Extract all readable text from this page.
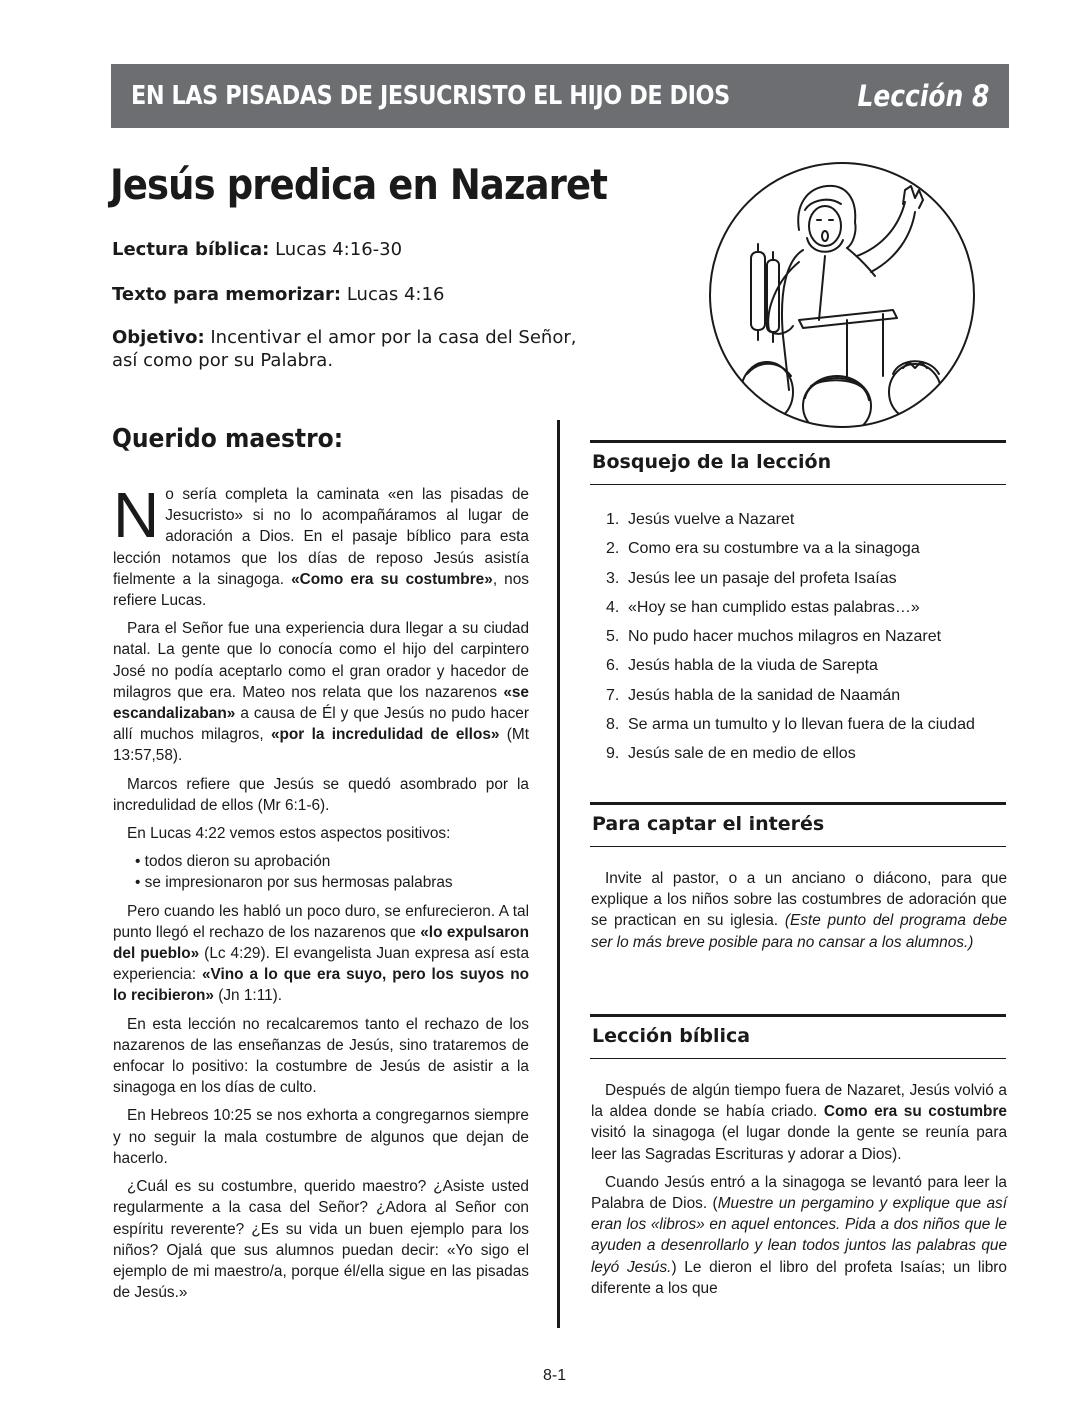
EN LAS PISADAS DE JESUCRISTO EL HIJO DE DIOS	Lección 8
Jesús predica en Nazaret
Lectura bíblica: Lucas 4:16-30
Texto para memorizar: Lucas 4:16
Objetivo: Incentivar el amor por la casa del Señor, así como por su Palabra.
Querido maestro:

No sería completa la caminata «en las pisadas de Jesucristo» si no lo acompañáramos al lugar de adoración a Dios. En el pasaje bíblico para esta lección notamos que los días de reposo Jesús asistía fielmente a la sinagoga. «Como era su costumbre», nos refiere Lucas.

Para el Señor fue una experiencia dura llegar a su ciudad natal. La gente que lo conocía como el hijo del carpintero José no podía aceptarlo como el gran orador y hacedor de milagros que era. Mateo nos relata que los nazarenos «se escandalizaban» a causa de Él y que Jesús no pudo hacer allí muchos milagros, «por la incredulidad de ellos» (Mt 13:57,58).

Marcos refiere que Jesús se quedó asombrado por la incredulidad de ellos (Mr 6:1-6).

En Lucas 4:22 vemos estos aspectos positivos:

• todos dieron su aprobación
• se impresionaron por sus hermosas palabras

Pero cuando les habló un poco duro, se enfurecieron. A tal punto llegó el rechazo de los nazarenos que «lo expulsaron del pueblo» (Lc 4:29). El evangelista Juan expresa así esta experiencia: «Vino a lo que era suyo, pero los suyos no lo recibieron» (Jn 1:11).

En esta lección no recalcaremos tanto el rechazo de los nazarenos de las enseñanzas de Jesús, sino trataremos de enfocar lo positivo: la costumbre de Jesús de asistir a la sinagoga en los días de culto.

En Hebreos 10:25 se nos exhorta a congregarnos siempre y no seguir la mala costumbre de algunos que dejan de hacerlo.

¿Cuál es su costumbre, querido maestro? ¿Asiste usted regularmente a la casa del Señor? ¿Adora al Señor con espíritu reverente? ¿Es su vida un buen ejemplo para los niños? Ojalá que sus alumnos puedan decir: «Yo sigo el ejemplo de mi maestro/a, porque él/ella sigue en las pisadas de Jesús.»

Bosquejo de la lección
1. Jesús vuelve a Nazaret
2. Como era su costumbre va a la sinagoga
3. Jesús lee un pasaje del profeta Isaías
4. «Hoy se han cumplido estas palabras…»
5. No pudo hacer muchos milagros en Nazaret
6. Jesús habla de la viuda de Sarepta
7. Jesús habla de la sanidad de Naamán
8. Se arma un tumulto y lo llevan fuera de la ciudad
9. Jesús sale de en medio de ellos
Para captar el interés

Invite al pastor, o a un anciano o diácono, para que explique a los niños sobre las costumbres de adoración que se practican en su iglesia. (Este punto del programa debe ser lo más breve posible para no cansar a los alumnos.)

Lección bíblica

Después de algún tiempo fuera de Nazaret, Jesús volvió a la aldea donde se había criado. Como era su costumbre visitó la sinagoga (el lugar donde la gente se reunía para leer las Sagradas Escrituras y adorar a Dios).

Cuando Jesús entró a la sinagoga se levantó para leer la Palabra de Dios. (Muestre un pergamino y explique que así eran los «libros» en aquel entonces. Pida a dos niños que le ayuden a desenrollarlo y lean todos juntos las palabras que leyó Jesús.) Le dieron el libro del profeta Isaías; un libro diferente a los que

8-1
